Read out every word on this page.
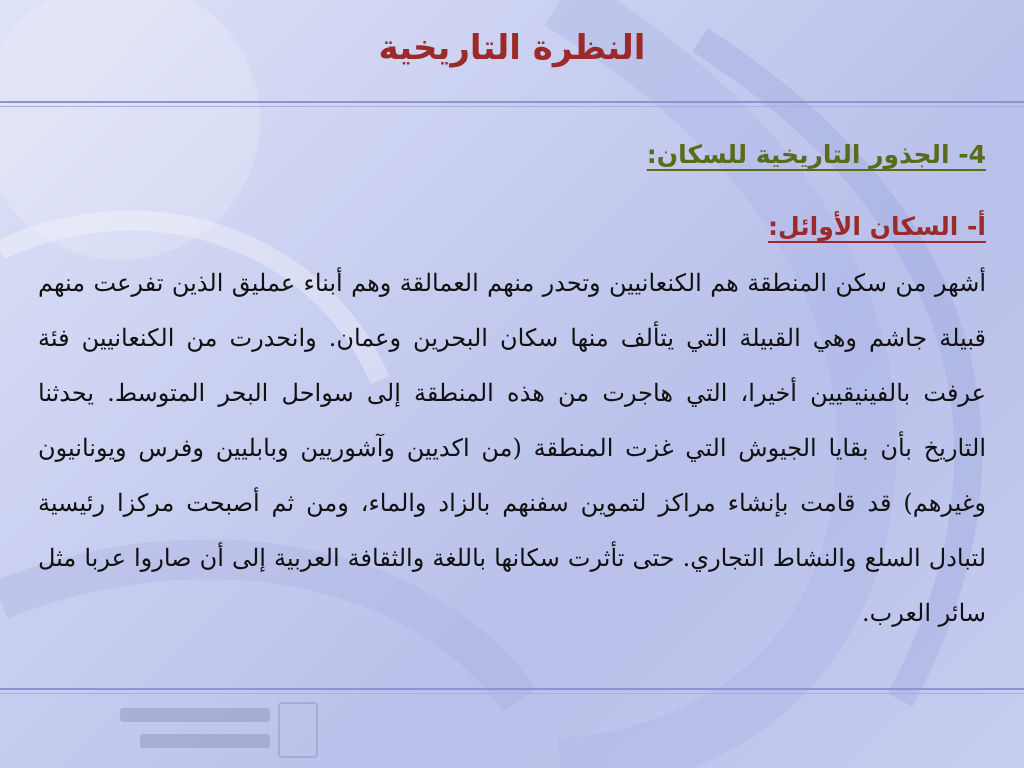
النظرة التاريخية
4- الجذور التاريخية للسكان:
أ- السكان الأوائل:

أشهر من سكن المنطقة هم الكنعانيين وتحدر منهم العمالقة وهم أبناء عمليق الذين تفرعت منهم قبيلة جاشم وهي القبيلة التي يتألف منها سكان البحرين وعمان. وانحدرت من الكنعانيين فئة عرفت بالفينيقيين أخيرا، التي هاجرت من هذه المنطقة إلى سواحل البحر المتوسط. يحدثنا التاريخ بأن بقايا الجيوش التي غزت المنطقة (من اكديين وآشوريين وبابليين وفرس ويونانيون وغيرهم) قد قامت بإنشاء مراكز لتموين سفنهم بالزاد والماء، ومن ثم أصبحت مركزا رئيسية لتبادل السلع والنشاط التجاري. حتى تأثرت سكانها باللغة والثقافة العربية إلى أن صاروا عربا مثل سائر العرب.
